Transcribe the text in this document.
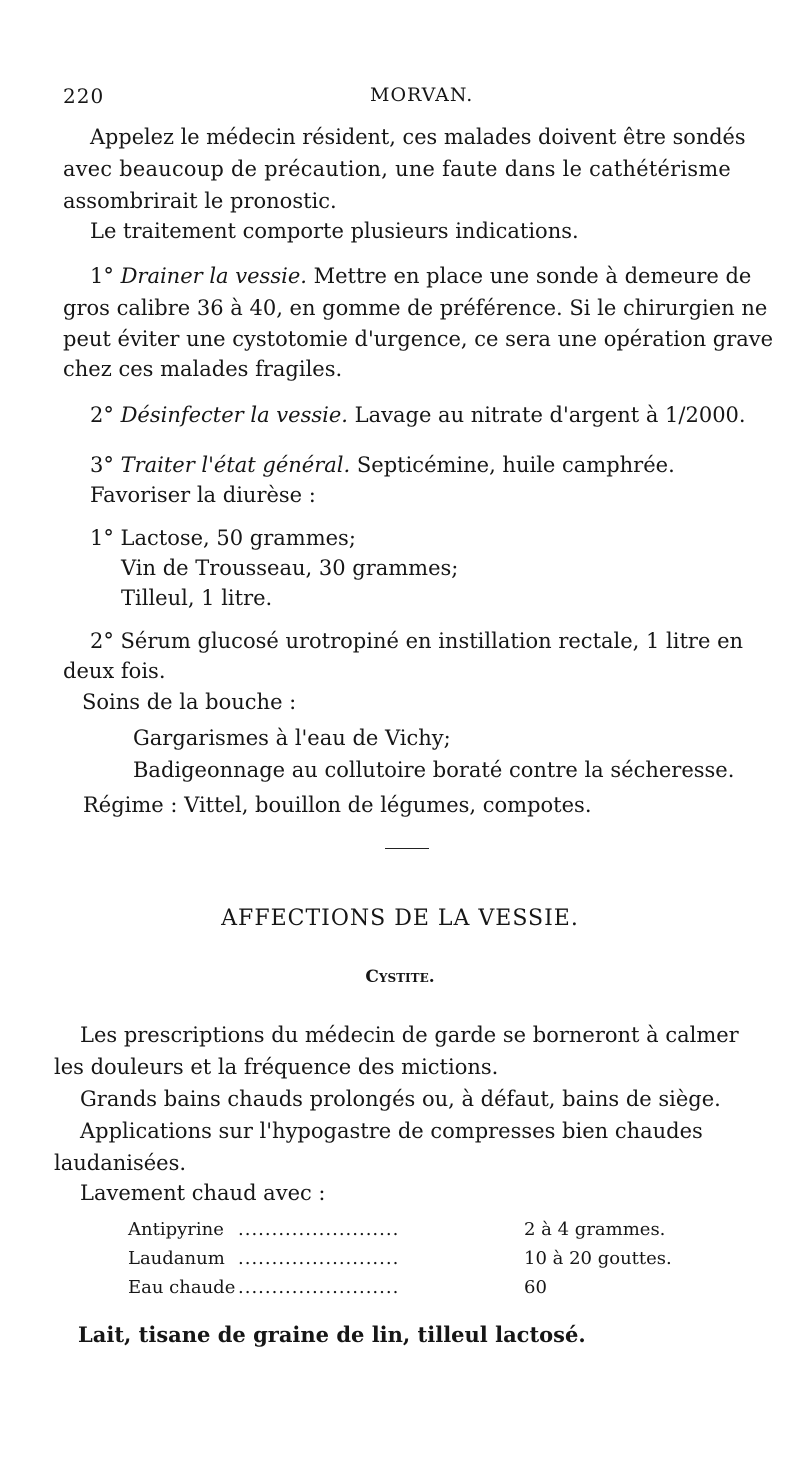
220	MORVAN.
Appelez le médecin résident, ces malades doivent être sondés
avec beaucoup de précaution, une faute dans le cathétérisme
assombrirait le pronostic.
Le traitement comporte plusieurs indications.
1° Drainer la vessie. Mettre en place une sonde à demeure de
gros calibre 36 à 40, en gomme de préférence. Si le chirurgien ne
peut éviter une cystotomie d'urgence, ce sera une opération grave
chez ces malades fragiles.
2° Désinfecter la vessie. Lavage au nitrate d'argent à 1/2000.
3° Traiter l'état général. Septicémine, huile camphrée.
Favoriser la diurèse :
1° Lactose, 50 grammes;
Vin de Trousseau, 30 grammes;
Tilleul, 1 litre.
2° Sérum glucosé urotropiné en instillation rectale, 1 litre en
deux fois.
Soins de la bouche :
Gargarismes à l'eau de Vichy;
Badigeonnage au collutoire boraté contre la sécheresse.
Régime : Vittel, bouillon de légumes, compotes.
AFFECTIONS DE LA VESSIE.
Cystite.
Les prescriptions du médecin de garde se borneront à calmer
les douleurs et la fréquence des mictions.
Grands bains chauds prolongés ou, à défaut, bains de siège.
Applications sur l'hypogastre de compresses bien chaudes
laudanisées.
Lavement chaud avec :
Antipyrine ........................	2 à 4 grammes.
Laudanum ........................	10 à 20 gouttes.
Eau chaude ........................	60
Lait, tisane de graine de lin, tilleul lactosé.
